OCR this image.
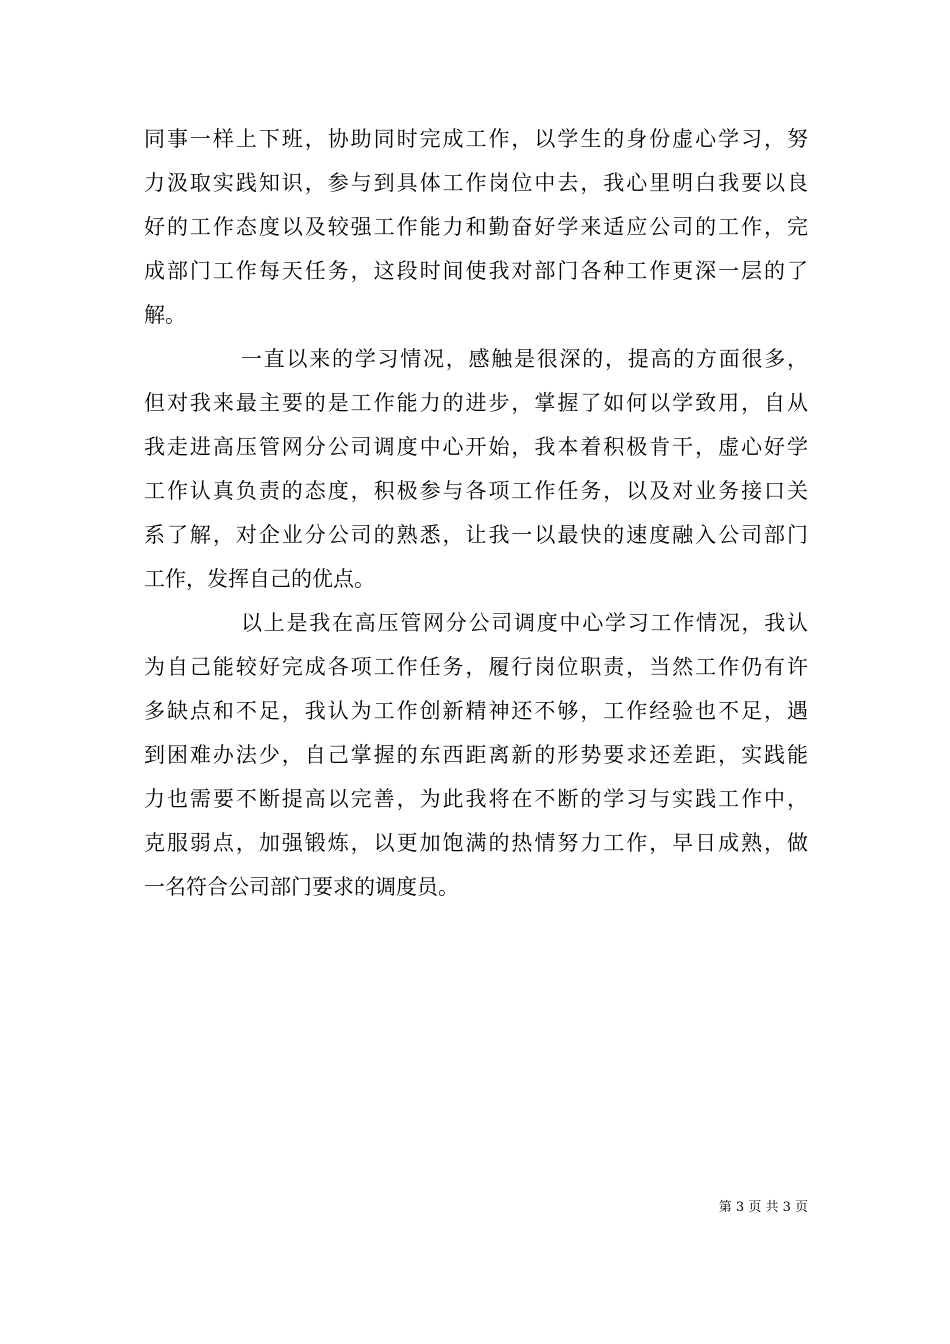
同事一样上下班，协助同时完成工作，以学生的身份虚心学习，努
力汲取实践知识，参与到具体工作岗位中去，我心里明白我要以良
好的工作态度以及较强工作能力和勤奋好学来适应公司的工作，完
成部门工作每天任务，这段时间使我对部门各种工作更深一层的了
解。
一直以来的学习情况，感触是很深的，提高的方面很多，
但对我来最主要的是工作能力的进步，掌握了如何以学致用，自从
我走进高压管网分公司调度中心开始，我本着积极肯干，虚心好学
工作认真负责的态度，积极参与各项工作任务，以及对业务接口关
系了解，对企业分公司的熟悉，让我一以最快的速度融入公司部门
工作，发挥自己的优点。
以上是我在高压管网分公司调度中心学习工作情况，我认
为自己能较好完成各项工作任务，履行岗位职责，当然工作仍有许
多缺点和不足，我认为工作创新精神还不够，工作经验也不足，遇
到困难办法少，自己掌握的东西距离新的形势要求还差距，实践能
力也需要不断提高以完善，为此我将在不断的学习与实践工作中，
克服弱点，加强锻炼，以更加饱满的热情努力工作，早日成熟，做
一名符合公司部门要求的调度员。
第 3 页 共 3 页
